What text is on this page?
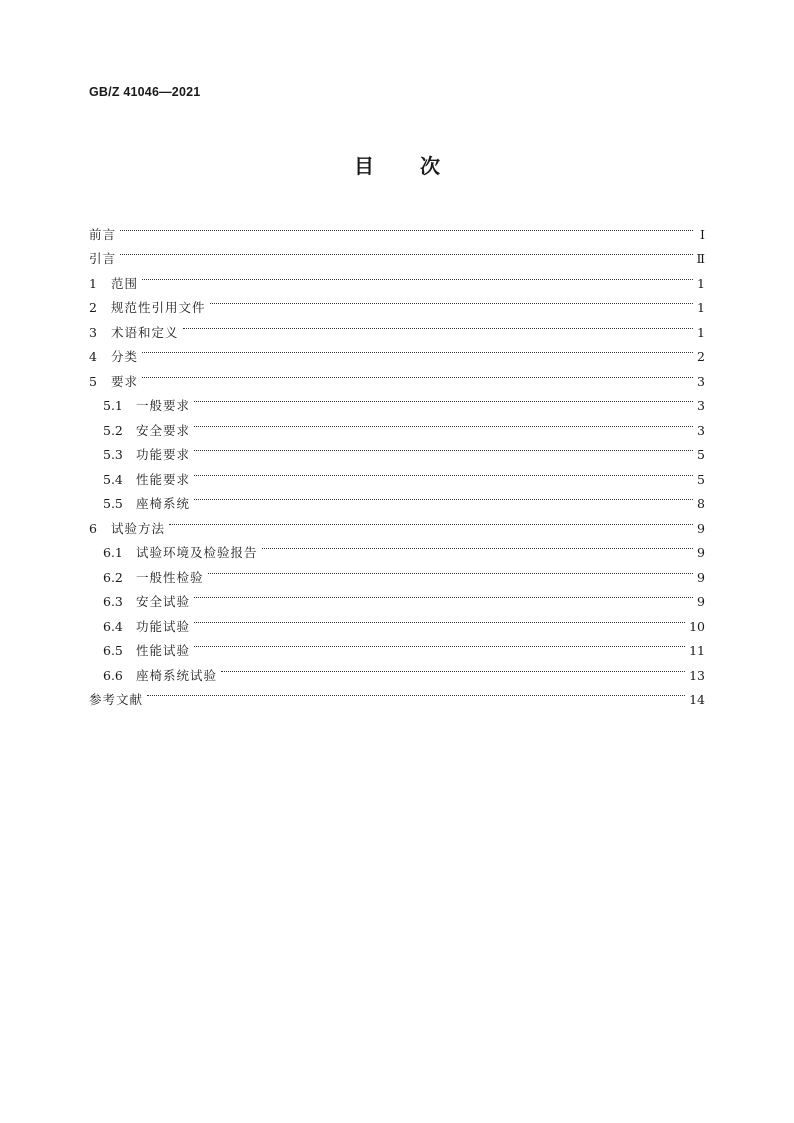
GB/Z 41046—2021
目 次
前言	Ⅰ
引言	Ⅱ
1	范围	1
2	规范性引用文件	1
3	术语和定义	1
4	分类	2
5	要求	3
5.1	一般要求	3
5.2	安全要求	3
5.3	功能要求	5
5.4	性能要求	5
5.5	座椅系统	8
6	试验方法	9
6.1	试验环境及检验报告	9
6.2	一般性检验	9
6.3	安全试验	9
6.4	功能试验	10
6.5	性能试验	11
6.6	座椅系统试验	13
参考文献	14
